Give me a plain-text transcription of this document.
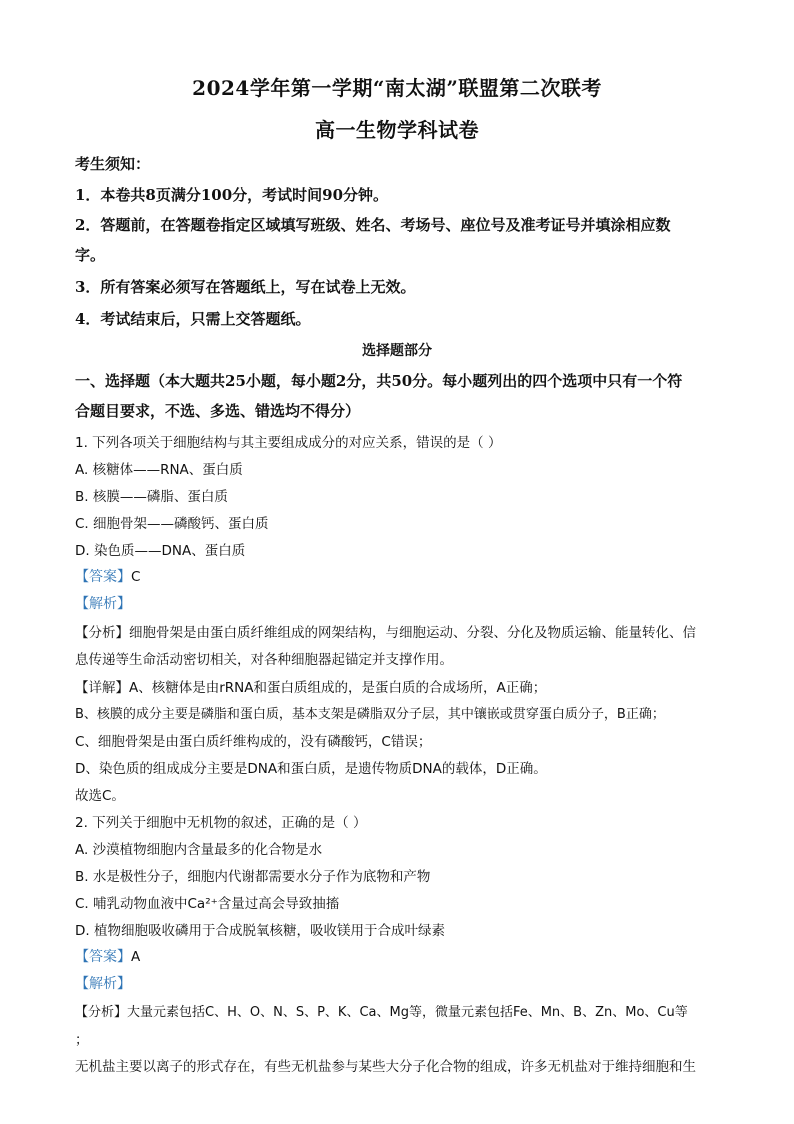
2024学年第一学期“南太湖”联盟第二次联考
高一生物学科试卷
考生须知：
1．本卷共8页满分100分，考试时间90分钟。
2．答题前，在答题卷指定区域填写班级、姓名、考场号、座位号及准考证号并填涂相应数
字。
3．所有答案必须写在答题纸上，写在试卷上无效。
4．考试结束后，只需上交答题纸。
选择题部分
一、选择题（本大题共25小题，每小题2分，共50分。每小题列出的四个选项中只有一个符
合题目要求，不选、多选、错选均不得分）
1. 下列各项关于细胞结构与其主要组成成分的对应关系，错误的是（ ）
A. 核糖体——RNA、蛋白质
B. 核膜——磷脂、蛋白质
C. 细胞骨架——磷酸钙、蛋白质
D. 染色质——DNA、蛋白质
【答案】C
【解析】
【分析】细胞骨架是由蛋白质纤维组成的网架结构，与细胞运动、分裂、分化及物质运输、能量转化、信
息传递等生命活动密切相关，对各种细胞器起锚定并支撑作用。
【详解】A、核糖体是由rRNA和蛋白质组成的，是蛋白质的合成场所，A正确；
B、核膜的成分主要是磷脂和蛋白质，基本支架是磷脂双分子层，其中镶嵌或贯穿蛋白质分子，B正确；
C、细胞骨架是由蛋白质纤维构成的，没有磷酸钙，C错误；
D、染色质的组成成分主要是DNA和蛋白质，是遗传物质DNA的载体，D正确。
故选C。
2. 下列关于细胞中无机物的叙述，正确的是（ ）
A. 沙漠植物细胞内含量最多的化合物是水
B. 水是极性分子，细胞内代谢都需要水分子作为底物和产物
C. 哺乳动物血液中Ca²⁺含量过高会导致抽搐
D. 植物细胞吸收磷用于合成脱氧核糖，吸收镁用于合成叶绿素
【答案】A
【解析】
【分析】大量元素包括C、H、O、N、S、P、K、Ca、Mg等，微量元素包括Fe、Mn、B、Zn、Mo、Cu等
；
无机盐主要以离子的形式存在，有些无机盐参与某些大分子化合物的组成，许多无机盐对于维持细胞和生
